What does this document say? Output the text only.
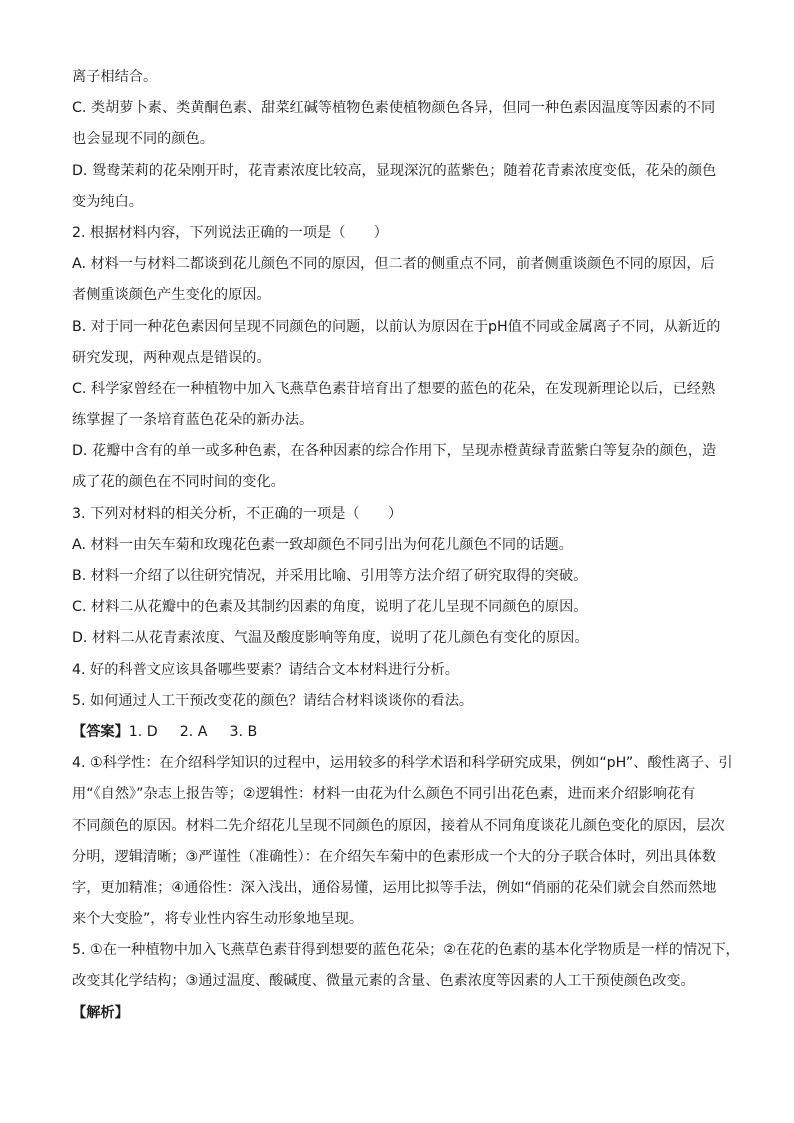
离子相结合。
C. 类胡萝卜素、类黄酮色素、甜菜红碱等植物色素使植物颜色各异，但同一种色素因温度等因素的不同
也会显现不同的颜色。
D. 鸳鸯茉莉的花朵刚开时，花青素浓度比较高，显现深沉的蓝紫色；随着花青素浓度变低，花朵的颜色
变为纯白。
2. 根据材料内容，下列说法正确的一项是（　　）
A. 材料一与材料二都谈到花儿颜色不同的原因，但二者的侧重点不同，前者侧重谈颜色不同的原因，后
者侧重谈颜色产生变化的原因。
B. 对于同一种花色素因何呈现不同颜色的问题，以前认为原因在于pH值不同或金属离子不同，从新近的
研究发现，两种观点是错误的。
C. 科学家曾经在一种植物中加入飞燕草色素苷培育出了想要的蓝色的花朵，在发现新理论以后，已经熟
练掌握了一条培育蓝色花朵的新办法。
D. 花瓣中含有的单一或多种色素，在各种因素的综合作用下，呈现赤橙黄绿青蓝紫白等复杂的颜色，造
成了花的颜色在不同时间的变化。
3. 下列对材料的相关分析，不正确的一项是（　　）
A. 材料一由矢车菊和玫瑰花色素一致却颜色不同引出为何花儿颜色不同的话题。
B. 材料一介绍了以往研究情况，并采用比喻、引用等方法介绍了研究取得的突破。
C. 材料二从花瓣中的色素及其制约因素的角度，说明了花儿呈现不同颜色的原因。
D. 材料二从花青素浓度、气温及酸度影响等角度，说明了花儿颜色有变化的原因。
4. 好的科普文应该具备哪些要素？请结合文本材料进行分析。
5. 如何通过人工干预改变花的颜色？请结合材料谈谈你的看法。
【答案】1. D 2. A 3. B
4. ①科学性：在介绍科学知识的过程中，运用较多的科学术语和科学研究成果，例如“pH”、酸性离子、引
用“《自然》”杂志上报告等；②逻辑性：材料一由花为什么颜色不同引出花色素，进而来介绍影响花有
不同颜色的原因。材料二先介绍花儿呈现不同颜色的原因，接着从不同角度谈花儿颜色变化的原因，层次
分明，逻辑清晰；③严谨性（准确性）：在介绍矢车菊中的色素形成一个大的分子联合体时，列出具体数
字，更加精准；④通俗性：深入浅出，通俗易懂，运用比拟等手法，例如“俏丽的花朵们就会自然而然地
来个大变脸”，将专业性内容生动形象地呈现。
5. ①在一种植物中加入飞燕草色素苷得到想要的蓝色花朵；②在花的色素的基本化学物质是一样的情况下，
改变其化学结构；③通过温度、酸碱度、微量元素的含量、色素浓度等因素的人工干预使颜色改变。
【解析】
